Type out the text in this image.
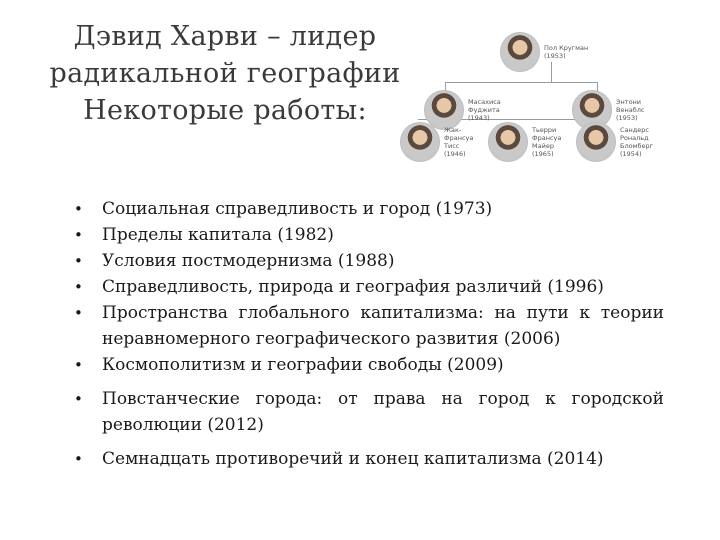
Дэвид Харви – лидер
радикальной географии
Некоторые работы:
Пол Кругман
(1953)
Масахиса Фуджита
(1943)
Энтони Венаблс
(1953)
Жак-Франсуа Тисс
(1946)
Тьерри Франсуа Майер
(1965)
Сандерс Рональд Бломберг
(1954)
• Социальная справедливость и город (1973)
• Пределы капитала (1982)
• Условия постмодернизма (1988)
• Справедливость, природа и география различий (1996)
• Пространства глобального капитализма: на пути к теории неравномерного географического развития (2006)
• Космополитизм и географии свободы (2009)
• Повстанческие города: от права на город к городской революции (2012)
• Семнадцать противоречий и конец капитализма (2014)
